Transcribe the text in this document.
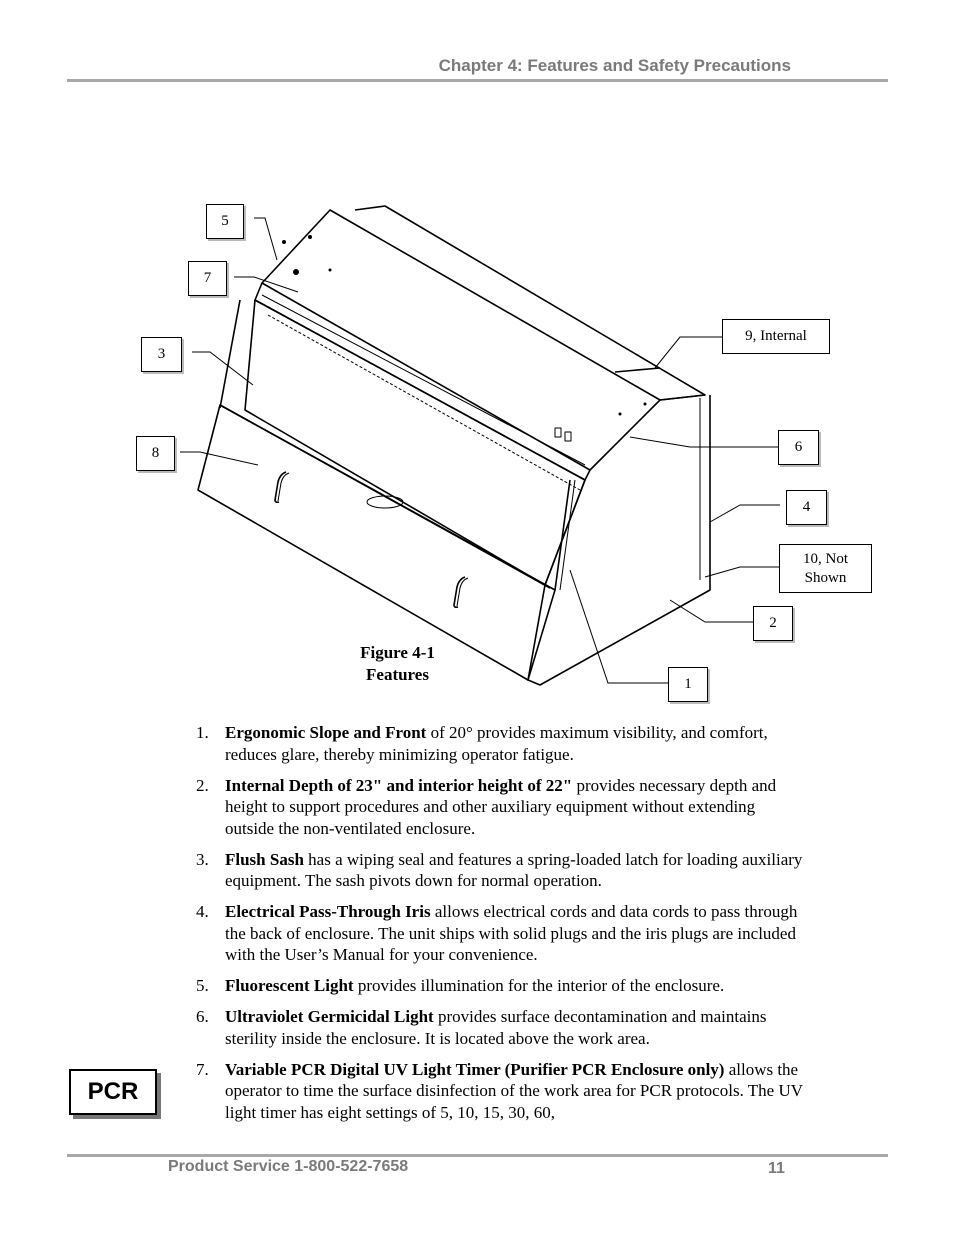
Chapter 4: Features and Safety Precautions
5
7
3
8
9, Internal
6
4
10, Not
Shown
2
1
Figure 4-1
Features
1. Ergonomic Slope and Front of 20° provides maximum visibility, and comfort, reduces glare, thereby minimizing operator fatigue.
2. Internal Depth of 23" and interior height of 22" provides necessary depth and height to support procedures and other auxiliary equipment without extending outside the non-ventilated enclosure.
3. Flush Sash has a wiping seal and features a spring-loaded latch for loading auxiliary equipment. The sash pivots down for normal operation.
4. Electrical Pass-Through Iris allows electrical cords and data cords to pass through the back of enclosure. The unit ships with solid plugs and the iris plugs are included with the User’s Manual for your convenience.
5. Fluorescent Light provides illumination for the interior of the enclosure.
6. Ultraviolet Germicidal Light provides surface decontamination and maintains sterility inside the enclosure. It is located above the work area.
7. Variable PCR Digital UV Light Timer (Purifier PCR Enclosure only) allows the operator to time the surface disinfection of the work area for PCR protocols. The UV light timer has eight settings of 5, 10, 15, 30, 60,
PCR
Product Service 1-800-522-7658	11
